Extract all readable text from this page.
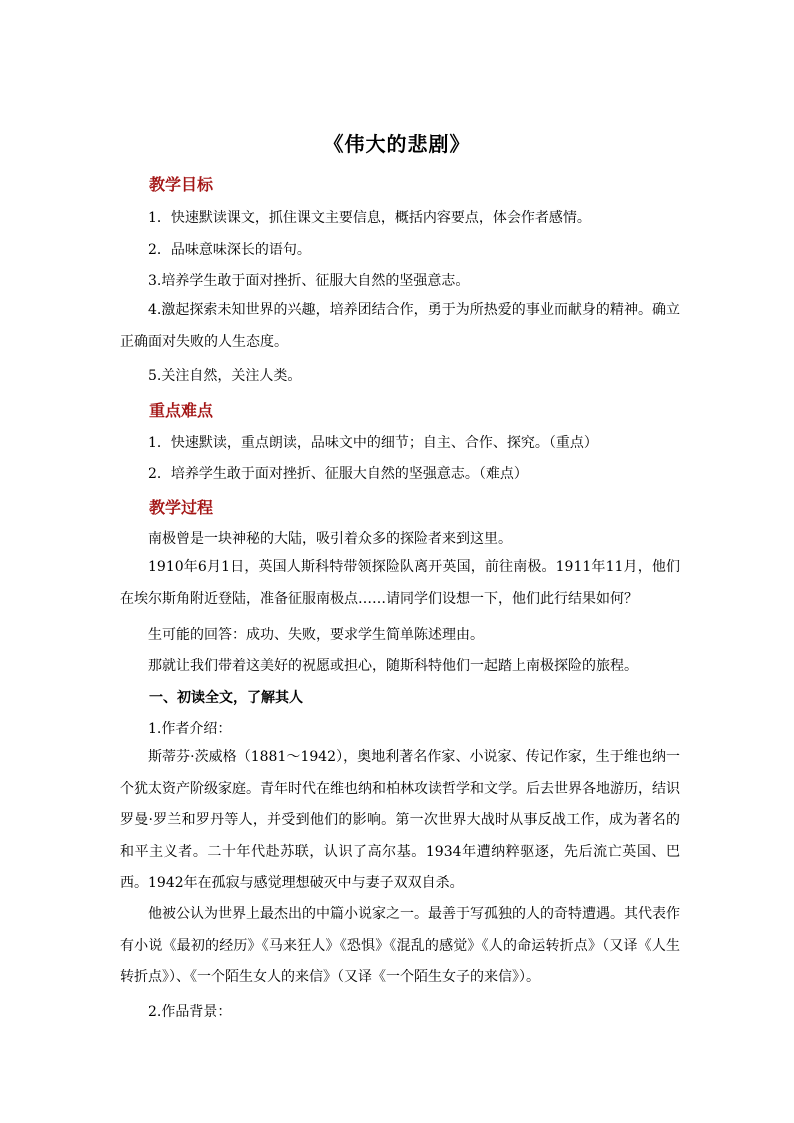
《伟大的悲剧》
教学目标
1．快速默读课文，抓住课文主要信息，概括内容要点，体会作者感情。
2．品味意味深长的语句。
3.培养学生敢于面对挫折、征服大自然的坚强意志。
4.激起探索未知世界的兴趣，培养团结合作，勇于为所热爱的事业而献身的精神。确立正确面对失败的人生态度。
5.关注自然，关注人类。
重点难点
1．快速默读，重点朗读，品味文中的细节；自主、合作、探究。（重点）
2．培养学生敢于面对挫折、征服大自然的坚强意志。（难点）
教学过程
南极曾是一块神秘的大陆，吸引着众多的探险者来到这里。
1910年6月1日，英国人斯科特带领探险队离开英国，前往南极。1911年11月，他们在埃尔斯角附近登陆，准备征服南极点……请同学们设想一下，他们此行结果如何？
生可能的回答：成功、失败，要求学生简单陈述理由。
那就让我们带着这美好的祝愿或担心，随斯科特他们一起踏上南极探险的旅程。
一、初读全文，了解其人
1.作者介绍：
斯蒂芬·茨威格（1881～1942），奥地利著名作家、小说家、传记作家，生于维也纳一个犹太资产阶级家庭。青年时代在维也纳和柏林攻读哲学和文学。后去世界各地游历，结识罗曼·罗兰和罗丹等人，并受到他们的影响。第一次世界大战时从事反战工作，成为著名的和平主义者。二十年代赴苏联，认识了高尔基。1934年遭纳粹驱逐，先后流亡英国、巴西。1942年在孤寂与感觉理想破灭中与妻子双双自杀。
他被公认为世界上最杰出的中篇小说家之一。最善于写孤独的人的奇特遭遇。其代表作有小说《最初的经历》《马来狂人》《恐惧》《混乱的感觉》《人的命运转折点》（又译《人生转折点》）、《一个陌生女人的来信》（又译《一个陌生女子的来信》）。
2.作品背景：
